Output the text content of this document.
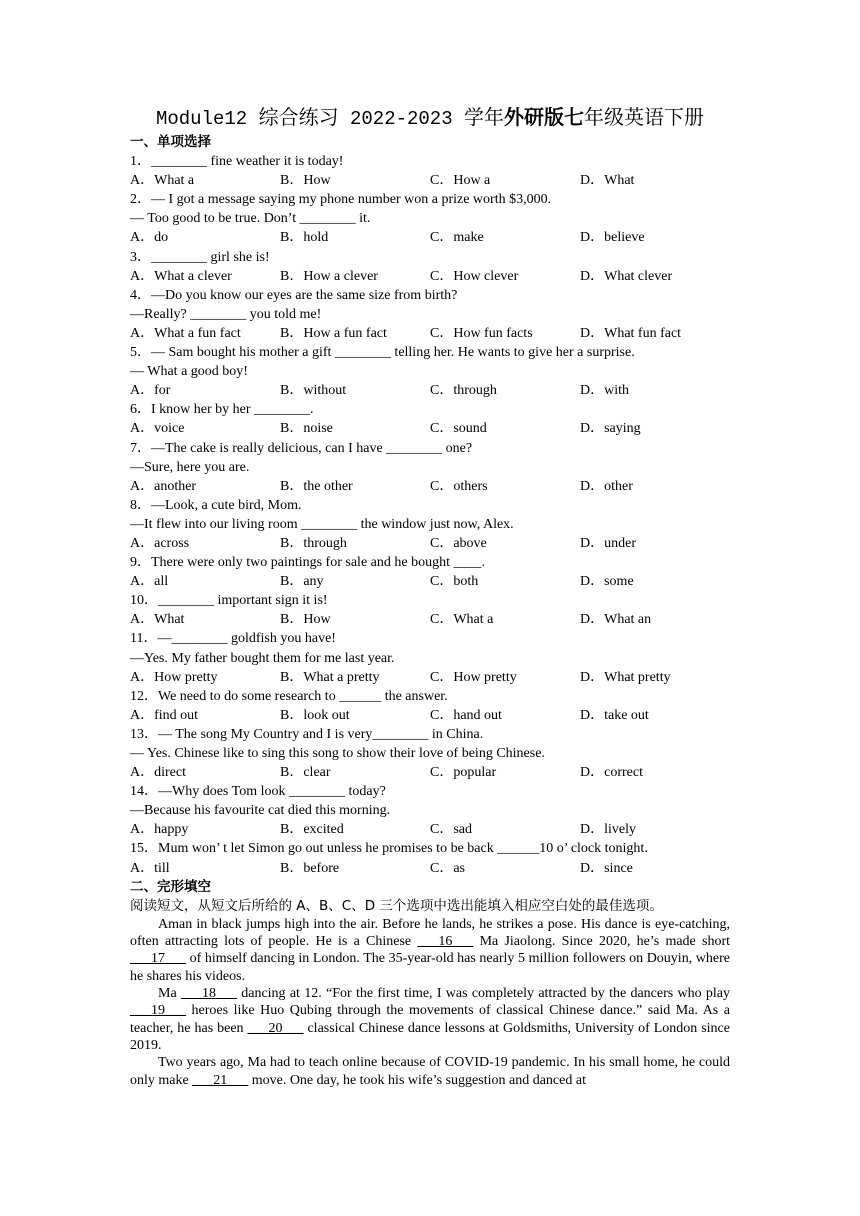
Module12 综合练习 2022-2023 学年外研版七年级英语下册
一、单项选择
1．________ fine weather it is today!
A．What a	B．How	C．How a	D．What
2．— I got a message saying my phone number won a prize worth $3,000.
— Too good to be true. Don’t ________ it.
A．do	B．hold	C．make	D．believe
3．________ girl she is!
A．What a clever	B．How a clever	C．How clever	D．What clever
4．—Do you know our eyes are the same size from birth?
—Really? ________ you told me!
A．What a fun fact	B．How a fun fact	C．How fun facts	D．What fun fact
5．— Sam bought his mother a gift ________ telling her. He wants to give her a surprise.
— What a good boy!
A．for	B．without	C．through	D．with
6．I know her by her ________.
A．voice	B．noise	C．sound	D．saying
7．—The cake is really delicious, can I have ________ one?
—Sure, here you are.
A．another	B．the other	C．others	D．other
8．—Look, a cute bird, Mom.
—It flew into our living room ________ the window just now, Alex.
A．across	B．through	C．above	D．under
9．There were only two paintings for sale and he bought ____.
A．all	B．any	C．both	D．some
10．________ important sign it is!
A．What	B．How	C．What a	D．What an
11．—________ goldfish you have!
—Yes. My father bought them for me last year.
A．How pretty	B．What a pretty	C．How pretty	D．What pretty
12．We need to do some research to ______ the answer.
A．find out	B．look out	C．hand out	D．take out
13．— The song My Country and I is very________ in China.
— Yes. Chinese like to sing this song to show their love of being Chinese.
A．direct	B．clear	C．popular	D．correct
14．—Why does Tom look ________ today?
—Because his favourite cat died this morning.
A．happy	B．excited	C．sad	D．lively
15．Mum won’ t let Simon go out unless he promises to be back ______10 o’ clock tonight.
A．till	B．before	C．as	D．since
二、完形填空
阅读短文，从短文后所给的 A、B、C、D 三个选项中选出能填入相应空白处的最佳选项。
Aman in black jumps high into the air. Before he lands, he strikes a pose. His dance is eye-catching, often attracting lots of people. He is a Chinese ___16___ Ma Jiaolong. Since 2020, he’s made short ___17___ of himself dancing in London. The 35-year-old has nearly 5 million followers on Douyin, where he shares his videos.
Ma ___18___ dancing at 12. “For the first time, I was completely attracted by the dancers who play ___19___ heroes like Huo Qubing through the movements of classical Chinese dance.” said Ma. As a teacher, he has been ___20___ classical Chinese dance lessons at Goldsmiths, University of London since 2019.
Two years ago, Ma had to teach online because of COVID-19 pandemic. In his small home, he could only make ___21___ move. One day, he took his wife’s suggestion and danced at
